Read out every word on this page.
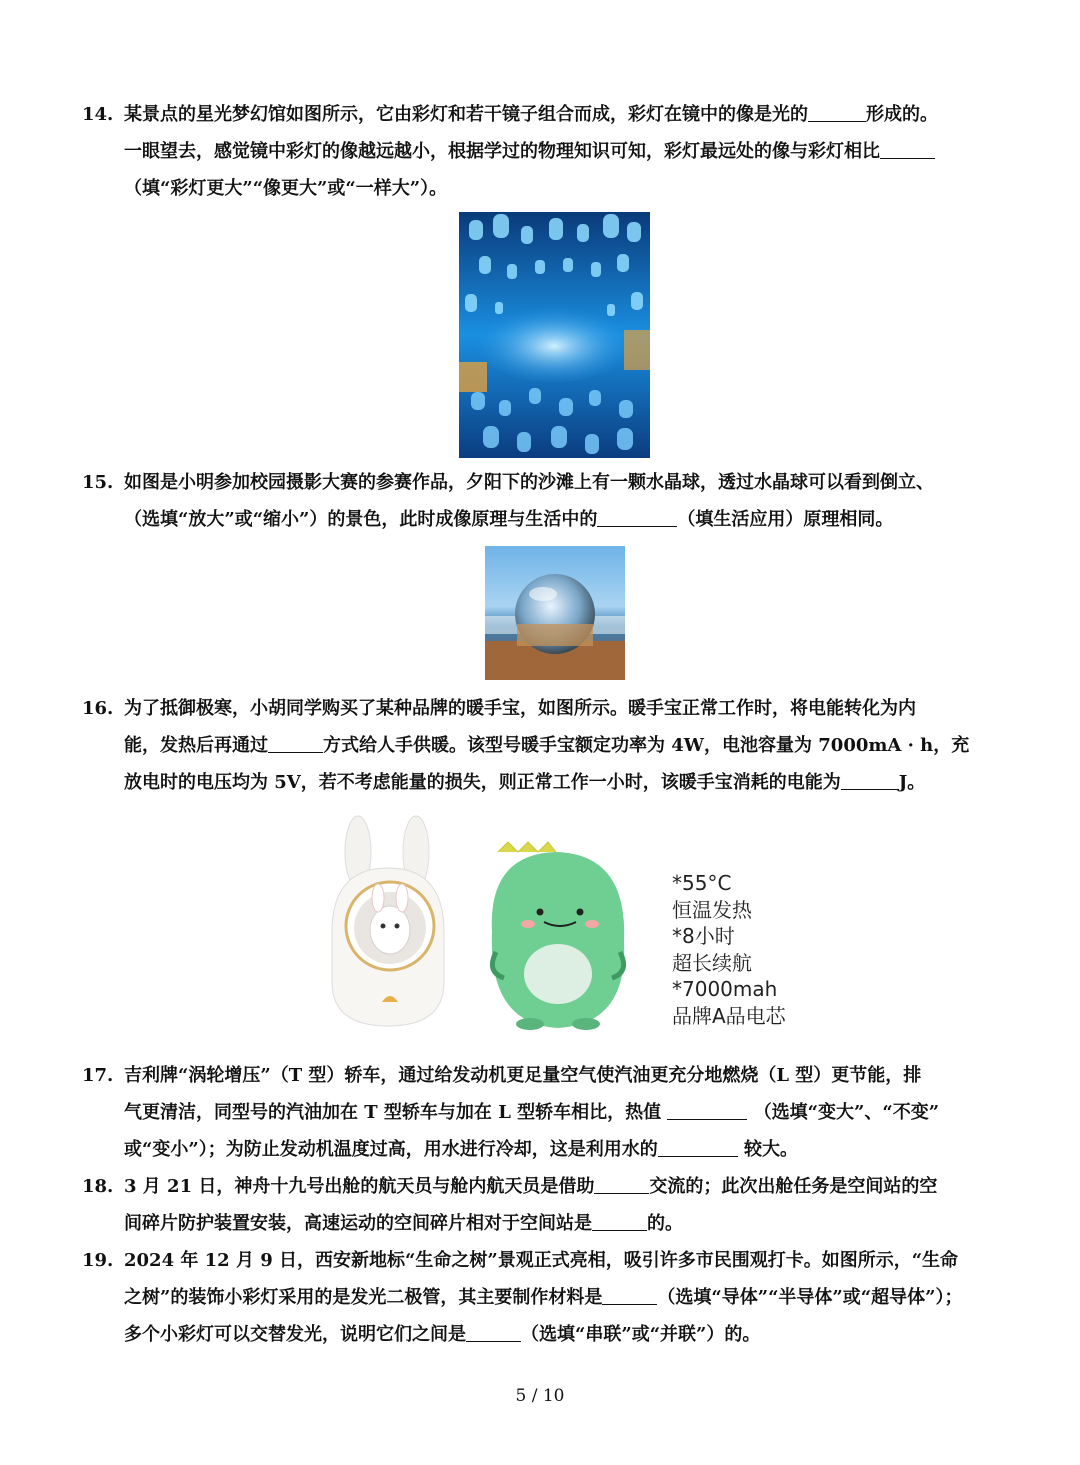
14. 某景点的星光梦幻馆如图所示，它由彩灯和若干镜子组合而成，彩灯在镜中的像是光的	形成的。
一眼望去，感觉镜中彩灯的像越远越小，根据学过的物理知识可知，彩灯最远处的像与彩灯相比
（填“彩灯更大”“像更大”或“一样大”）。
15. 如图是小明参加校园摄影大赛的参赛作品，夕阳下的沙滩上有一颗水晶球，透过水晶球可以看到倒立、
（选填“放大”或“缩小”）的景色，此时成像原理与生活中的	（填生活应用）原理相同。
16. 为了抵御极寒，小胡同学购买了某种品牌的暖手宝，如图所示。暖手宝正常工作时，将电能转化为内
能，发热后再通过	方式给人手供暖。该型号暖手宝额定功率为 4W，电池容量为 7000mA · h，充
放电时的电压均为 5V，若不考虑能量的损失，则正常工作一小时，该暖手宝消耗的电能为	J。
*55°C
恒温发热
*8小时
超长续航
*7000mah
品牌A品电芯
17. 吉利牌“涡轮增压”（T 型）轿车，通过给发动机更足量空气使汽油更充分地燃烧（L 型）更节能，排
气更清洁，同型号的汽油加在 T 型轿车与加在 L 型轿车相比，热值	（选填“变大”、“不变”
或“变小”）；为防止发动机温度过高，用水进行冷却，这是利用水的	较大。
18. 3 月 21 日，神舟十九号出舱的航天员与舱内航天员是借助	交流的；此次出舱任务是空间站的空
间碎片防护装置安装，高速运动的空间碎片相对于空间站是	的。
19. 2024 年 12 月 9 日，西安新地标“生命之树”景观正式亮相，吸引许多市民围观打卡。如图所示，“生命
之树”的装饰小彩灯采用的是发光二极管，其主要制作材料是	（选填“导体”“半导体”或“超导体”）；
多个小彩灯可以交替发光，说明它们之间是	（选填“串联”或“并联”）的。
5 / 10
